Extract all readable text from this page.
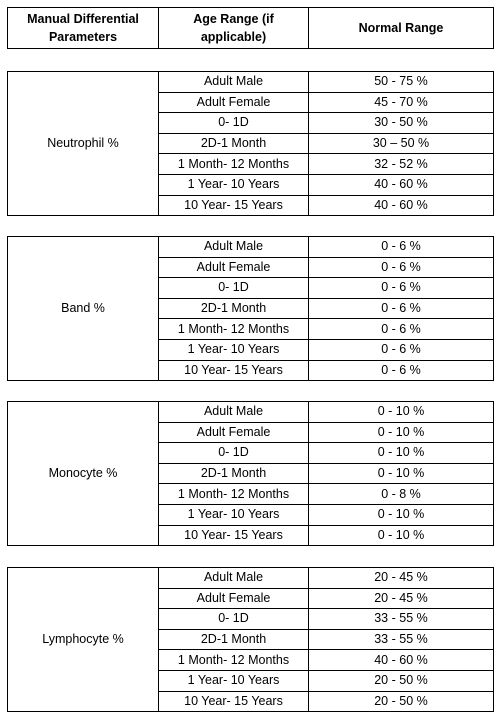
Manual Differential Parameters	Age Range (if applicable)	Normal Range
Neutrophil %	Adult Male	50 - 75 %
	Adult Female	45 - 70 %
	0- 1D	30 - 50 %
	2D-1 Month	30 – 50 %
	1 Month- 12 Months	32 - 52 %
	1 Year- 10 Years	40 - 60 %
	10 Year- 15 Years	40 - 60 %
Band %	Adult Male	0 - 6 %
	Adult Female	0 - 6 %
	0- 1D	0 - 6 %
	2D-1 Month	0 - 6 %
	1 Month- 12 Months	0 - 6 %
	1 Year- 10 Years	0 - 6 %
	10 Year- 15 Years	0 - 6 %
Monocyte %	Adult Male	0 - 10 %
	Adult Female	0 - 10 %
	0- 1D	0 - 10 %
	2D-1 Month	0 - 10 %
	1 Month- 12 Months	0 - 8 %
	1 Year- 10 Years	0 - 10 %
	10 Year- 15 Years	0 - 10 %
Lymphocyte %	Adult Male	20 - 45 %
	Adult Female	20 - 45 %
	0- 1D	33 - 55 %
	2D-1 Month	33 - 55 %
	1 Month- 12 Months	40 - 60 %
	1 Year- 10 Years	20 - 50 %
	10 Year- 15 Years	20 - 50 %
